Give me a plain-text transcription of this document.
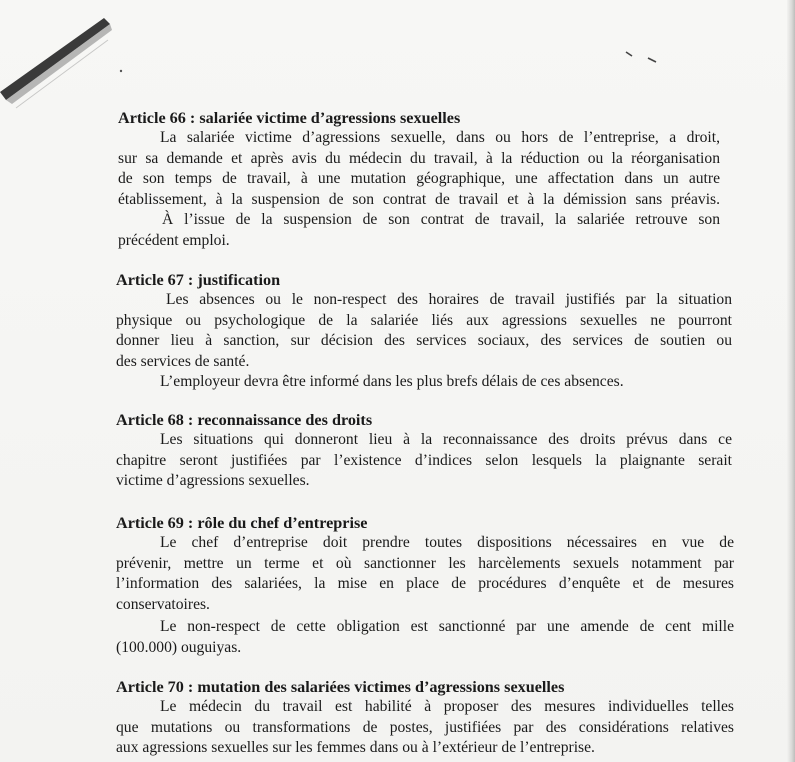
Article 66 : salariée victime d’agressions sexuelles
La salariée victime d’agressions sexuelle, dans ou hors de l’entreprise, a droit,
sur sa demande et après avis du médecin du travail, à la réduction ou la réorganisation
de son temps de travail, à une mutation géographique, une affectation dans un autre
établissement, à la suspension de son contrat de travail et à la démission sans préavis.
À l’issue de la suspension de son contrat de travail, la salariée retrouve son
précédent emploi.
Article 67 : justification
Les absences ou le non-respect des horaires de travail justifiés par la situation
physique ou psychologique de la salariée liés aux agressions sexuelles ne pourront
donner lieu à sanction, sur décision des services sociaux, des services de soutien ou
des services de santé.
L’employeur devra être informé dans les plus brefs délais de ces absences.
Article 68 : reconnaissance des droits
Les situations qui donneront lieu à la reconnaissance des droits prévus dans ce
chapitre seront justifiées par l’existence d’indices selon lesquels la plaignante serait
victime d’agressions sexuelles.
Article 69 : rôle du chef d’entreprise
Le chef d’entreprise doit prendre toutes dispositions nécessaires en vue de
prévenir, mettre un terme et où sanctionner les harcèlements sexuels notamment par
l’information des salariées, la mise en place de procédures d’enquête et de mesures
conservatoires.
Le non-respect de cette obligation est sanctionné par une amende de cent mille
(100.000) ouguiyas.
Article 70 : mutation des salariées victimes d’agressions sexuelles
Le médecin du travail est habilité à proposer des mesures individuelles telles
que mutations ou transformations de postes, justifiées par des considérations relatives
aux agressions sexuelles sur les femmes dans ou à l’extérieur de l’entreprise.
